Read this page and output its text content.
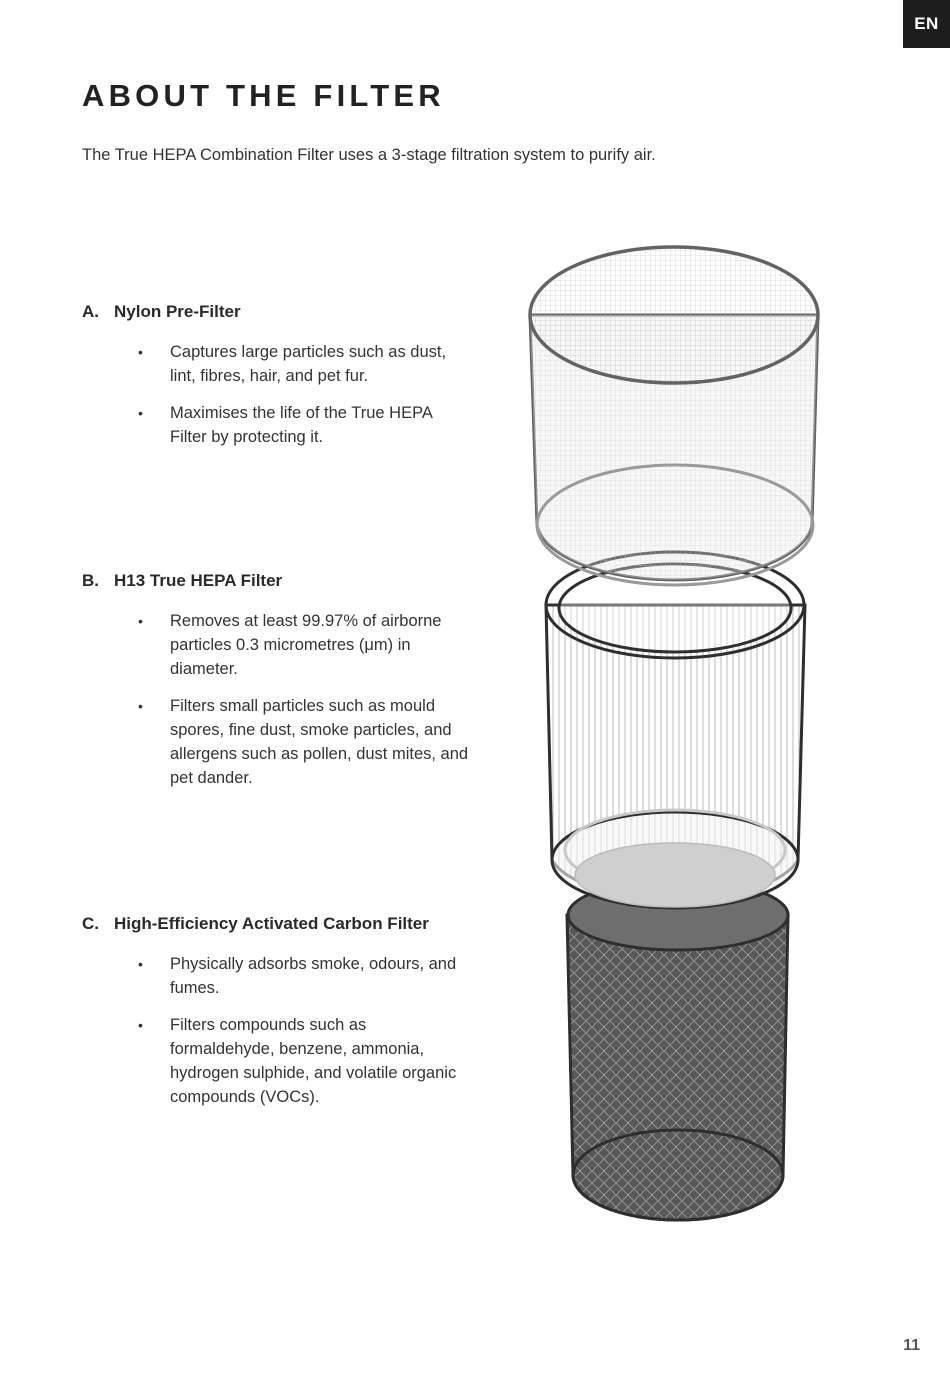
EN
ABOUT THE FILTER

The True HEPA Combination Filter uses a 3-stage filtration system to purify air.

A. Nylon Pre-Filter
• Captures large particles such as dust, lint, fibres, hair, and pet fur.
• Maximises the life of the True HEPA Filter by protecting it.
B. H13 True HEPA Filter
• Removes at least 99.97% of airborne particles 0.3 micrometres (μm) in diameter.
• Filters small particles such as mould spores, fine dust, smoke particles, and allergens such as pollen, dust mites, and pet dander.
C. High-Efficiency Activated Carbon Filter
• Physically adsorbs smoke, odours, and fumes.
• Filters compounds such as formaldehyde, benzene, ammonia, hydrogen sulphide, and volatile organic compounds (VOCs).
11
